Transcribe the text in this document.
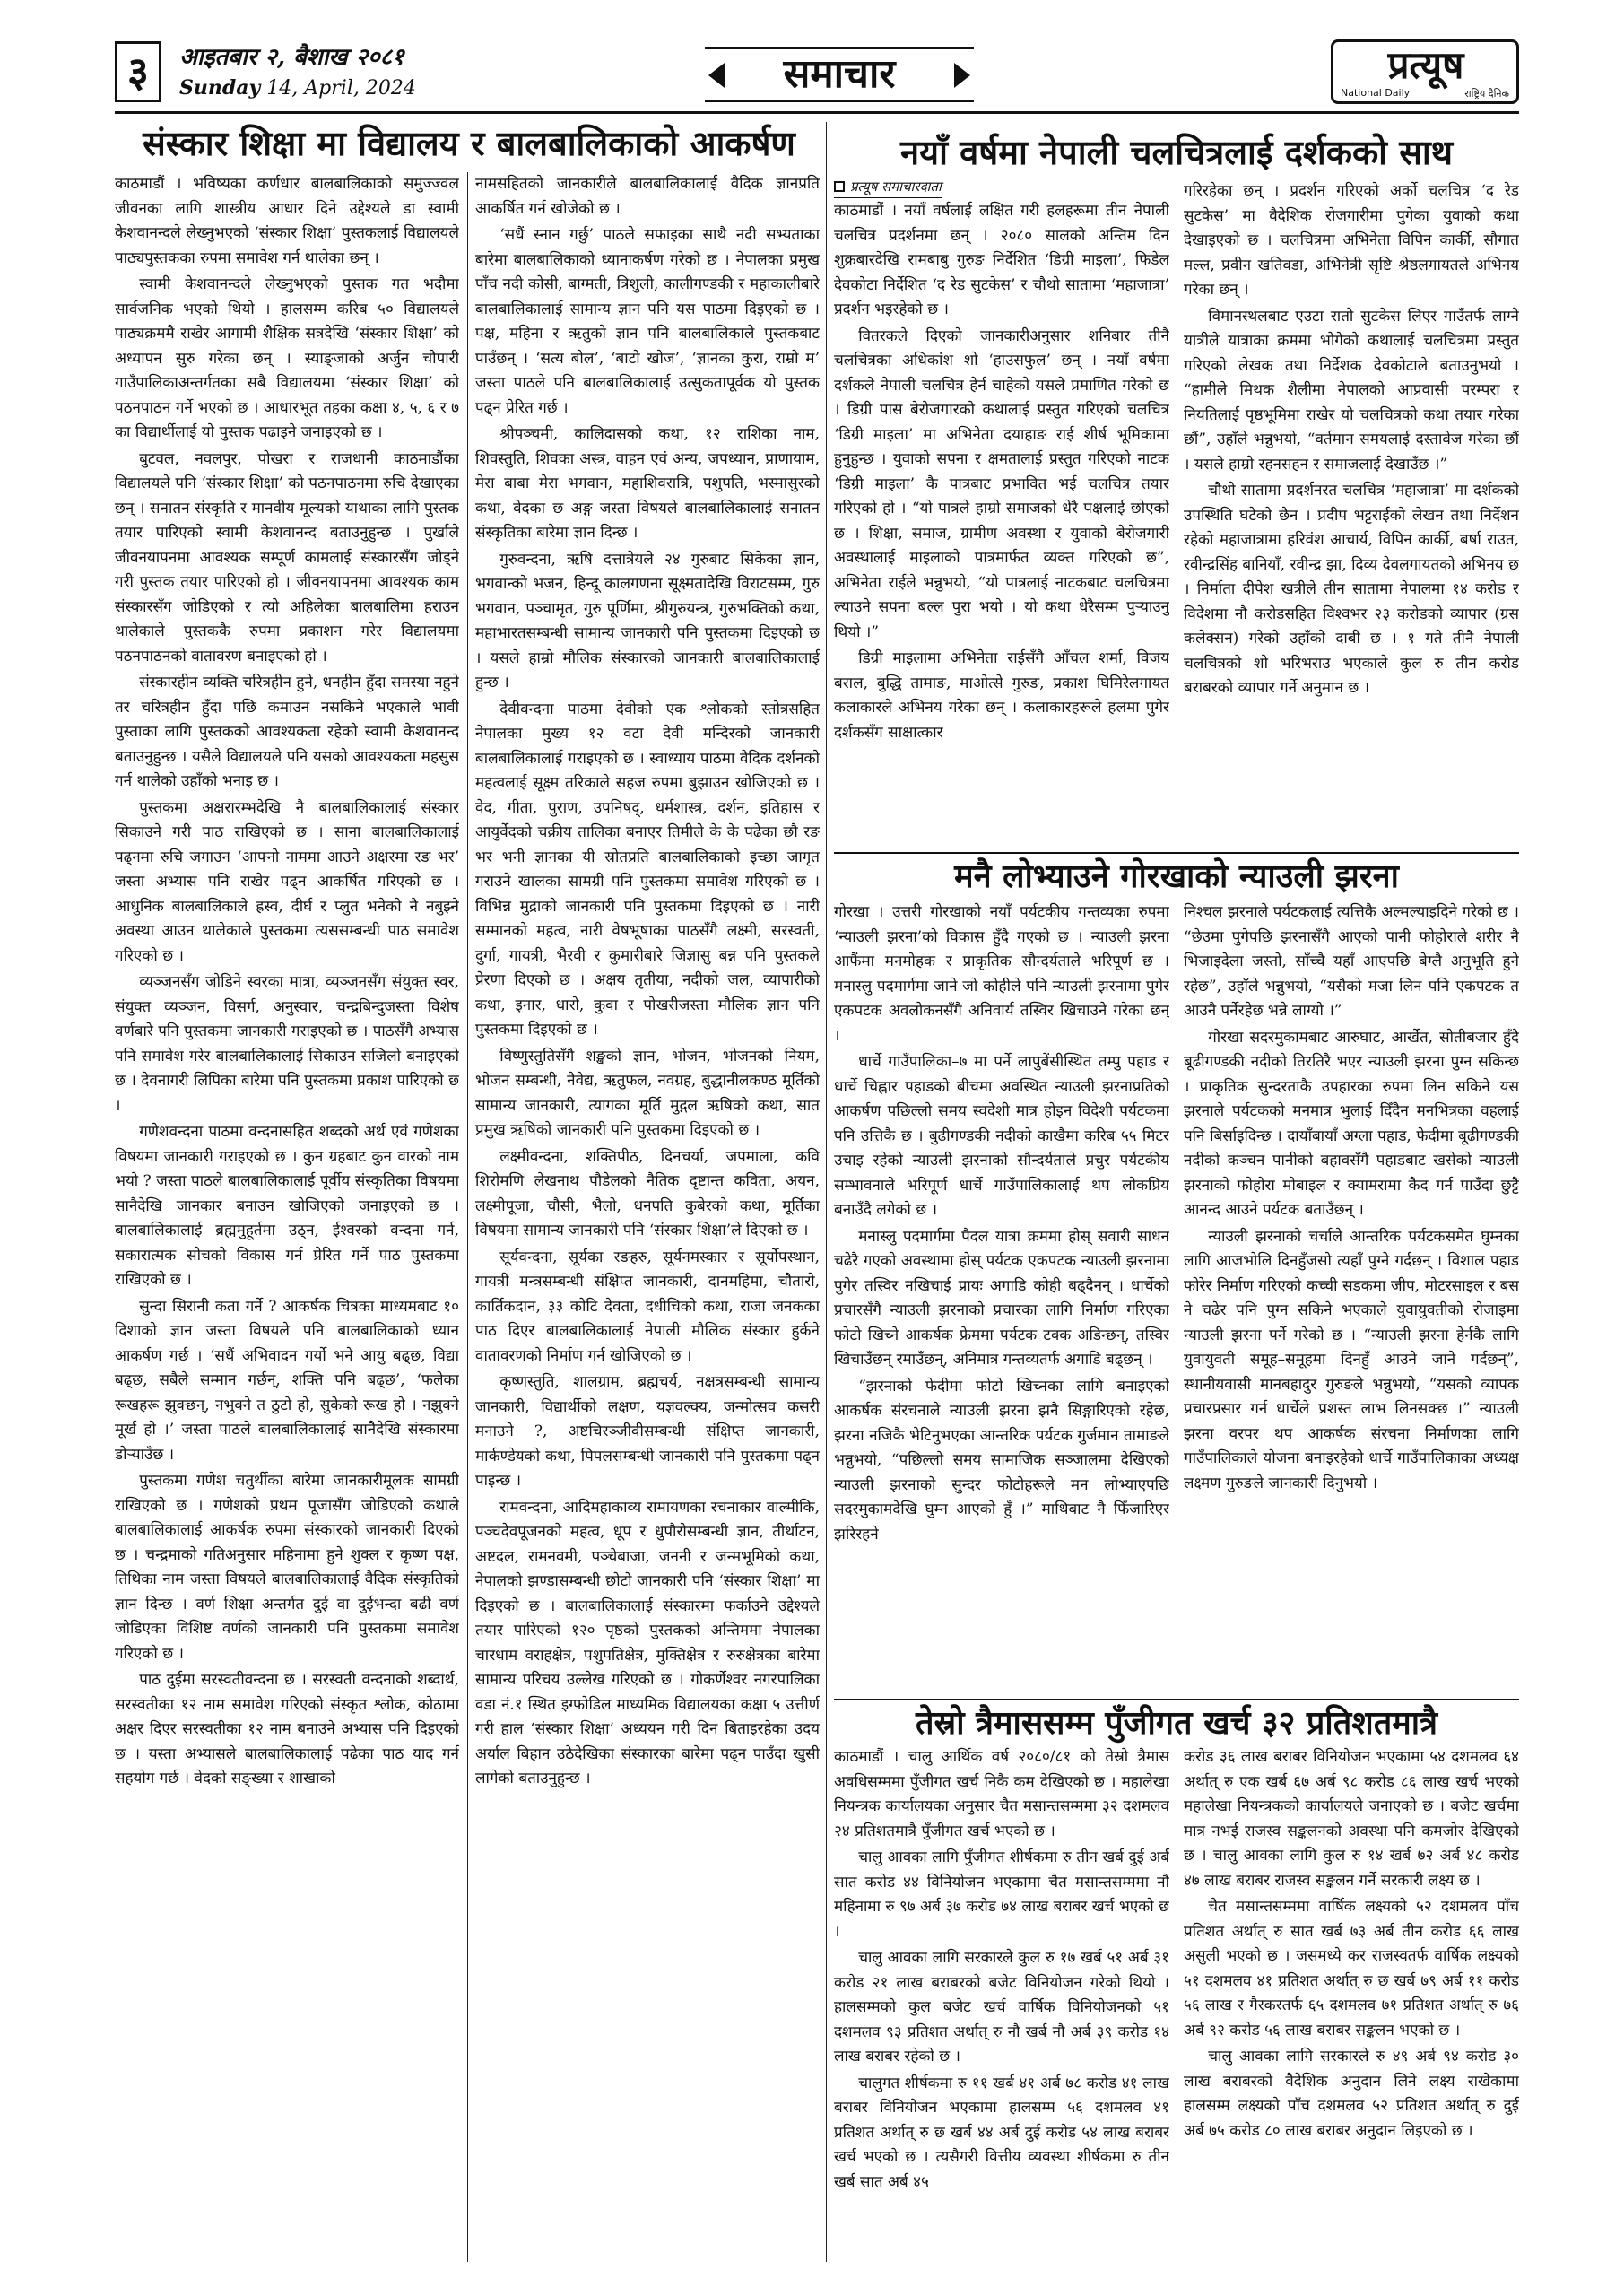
३	आइतबार २, बैशाख २०८१
Sunday 14, April, 2024	समाचार	प्रत्यूष
National Daily	राष्ट्रिय दैनिक
संस्कार शिक्षा मा विद्यालय र बालबालिकाको आकर्षण

काठमाडौं । भविष्यका कर्णधार बालबालिकाको समुज्ज्वल जीवनका लागि शास्त्रीय आधार दिने उद्देश्यले डा स्वामी केशवानन्दले लेख्नुभएको ‘संस्कार शिक्षा’ पुस्तकलाई विद्यालयले पाठ्यपुस्तकका रुपमा समावेश गर्न थालेका छन् ।

स्वामी केशवानन्दले लेख्नुभएको पुस्तक गत भदौमा सार्वजनिक भएको थियो । हालसम्म करिब ५० विद्यालयले पाठ्यक्रममै राखेर आगामी शैक्षिक सत्रदेखि ‘संस्कार शिक्षा’ को अध्यापन सुरु गरेका छन् । स्याङ्जाको अर्जुन चौपारी गाउँपालिकाअन्तर्गतका सबै विद्यालयमा ‘संस्कार शिक्षा’ को पठनपाठन गर्ने भएको छ । आधारभूत तहका कक्षा ४, ५, ६ र ७ का विद्यार्थीलाई यो पुस्तक पढाइने जनाइएको छ ।

बुटवल, नवलपुर, पोखरा र राजधानी काठमाडौंका विद्यालयले पनि ‘संस्कार शिक्षा’ को पठनपाठनमा रुचि देखाएका छन् । सनातन संस्कृति र मानवीय मूल्यको याथाका लागि पुस्तक तयार पारिएको स्वामी केशवानन्द बताउनुहुन्छ । पुर्खाले जीवनयापनमा आवश्यक सम्पूर्ण कामलाई संस्कारसँग जोड्ने गरी पुस्तक तयार पारिएको हो । जीवनयापनमा आवश्यक काम संस्कारसँग जोडिएको र त्यो अहिलेका बालबालिमा हराउन थालेकाले पुस्तककै रुपमा प्रकाशन गरेर विद्यालयमा पठनपाठनको वातावरण बनाइएको हो ।

संस्कारहीन व्यक्ति चरित्रहीन हुने, धनहीन हुँदा समस्या नहुने तर चरित्रहीन हुँदा पछि कमाउन नसकिने भएकाले भावी पुस्ताका लागि पुस्तकको आवश्यकता रहेको स्वामी केशवानन्द बताउनुहुन्छ । यसैले विद्यालयले पनि यसको आवश्यकता महसुस गर्न थालेको उहाँको भनाइ छ ।

पुस्तकमा अक्षरारम्भदेखि नै बालबालिकालाई संस्कार सिकाउने गरी पाठ राखिएको छ । साना बालबालिकालाई पढ्नमा रुचि जगाउन ‘आफ्नो नाममा आउने अक्षरमा रङ भर’ जस्ता अभ्यास पनि राखेर पढ्न आकर्षित गरिएको छ । आधुनिक बालबालिकाले ह्रस्व, दीर्घ र प्लुत भनेको नै नबुझ्ने अवस्था आउन थालेकाले पुस्तकमा त्यससम्बन्धी पाठ समावेश गरिएको छ ।

व्यञ्जनसँग जोडिने स्वरका मात्रा, व्यञ्जनसँग संयुक्त स्वर, संयुक्त व्यञ्जन, विसर्ग, अनुस्वार, चन्द्रबिन्दुजस्ता विशेष वर्णबारे पनि पुस्तकमा जानकारी गराइएको छ । पाठसँगै अभ्यास पनि समावेश गरेर बालबालिकालाई सिकाउन सजिलो बनाइएको छ । देवनागरी लिपिका बारेमा पनि पुस्तकमा प्रकाश पारिएको छ ।

गणेशवन्दना पाठमा वन्दनासहित शब्दको अर्थ एवं गणेशका विषयमा जानकारी गराइएको छ । कुन ग्रहबाट कुन वारको नाम भयो ? जस्ता पाठले बालबालिकालाई पूर्वीय संस्कृतिका विषयमा सानैदेखि जानकार बनाउन खोजिएको जनाइएको छ । बालबालिकालाई ब्रह्ममुहूर्तमा उठ्न, ईश्वरको वन्दना गर्न, सकारात्मक सोचको विकास गर्न प्रेरित गर्ने पाठ पुस्तकमा राखिएको छ ।

सुन्दा सिरानी कता गर्ने ? आकर्षक चित्रका माध्यमबाट १० दिशाको ज्ञान जस्ता विषयले पनि बालबालिकाको ध्यान आकर्षण गर्छ । ‘सधैं अभिवादन गर्यो भने आयु बढ्छ, विद्या बढ्छ, सबैले सम्मान गर्छन्, शक्ति पनि बढ्छ’, ‘फलेका रूखहरू झुक्छन्, नभुक्ने त ठुटो हो, सुकेको रूख हो । नझुक्ने मूर्ख हो ।’ जस्ता पाठले बालबालिकालाई सानैदेखि संस्कारमा डोऱ्याउँछ ।

पुस्तकमा गणेश चतुर्थीका बारेमा जानकारीमूलक सामग्री राखिएको छ । गणेशको प्रथम पूजासँग जोडिएको कथाले बालबालिकालाई आकर्षक रुपमा संस्कारको जानकारी दिएको छ । चन्द्रमाको गतिअनुसार महिनामा हुने शुक्ल र कृष्ण पक्ष, तिथिका नाम जस्ता विषयले बालबालिकालाई वैदिक संस्कृतिको ज्ञान दिन्छ । वर्ण शिक्षा अन्तर्गत दुई वा दुईभन्दा बढी वर्ण जोडिएका विशिष्ट वर्णको जानकारी पनि पुस्तकमा समावेश गरिएको छ ।

पाठ दुईमा सरस्वतीवन्दना छ । सरस्वती वन्दनाको शब्दार्थ, सरस्वतीका १२ नाम समावेश गरिएको संस्कृत श्लोक, कोठामा अक्षर दिएर सरस्वतीका १२ नाम बनाउने अभ्यास पनि दिइएको छ । यस्ता अभ्यासले बालबालिकालाई पढेका पाठ याद गर्न सहयोग गर्छ । वेदको सङ्ख्या र शाखाको

नामसहितको जानकारीले बालबालिकालाई वैदिक ज्ञानप्रति आकर्षित गर्न खोजेको छ ।

‘सधैं स्नान गर्छु’ पाठले सफाइका साथै नदी सभ्यताका बारेमा बालबालिकाको ध्यानाकर्षण गरेको छ । नेपालका प्रमुख पाँच नदी कोसी, बाग्मती, त्रिशुली, कालीगण्डकी र महाकालीबारे बालबालिकालाई सामान्य ज्ञान पनि यस पाठमा दिइएको छ । पक्ष, महिना र ऋतुको ज्ञान पनि बालबालिकाले पुस्तकबाट पाउँछन् । ‘सत्य बोल’, ‘बाटो खोज’, ‘ज्ञानका कुरा, राम्रो म’ जस्ता पाठले पनि बालबालिकालाई उत्सुकतापूर्वक यो पुस्तक पढ्न प्रेरित गर्छ ।

श्रीपञ्चमी, कालिदासको कथा, १२ राशिका नाम, शिवस्तुति, शिवका अस्त्र, वाहन एवं अन्य, जपध्यान, प्राणायाम, मेरा बाबा मेरा भगवान, महाशिवरात्रि, पशुपति, भस्मासुरको कथा, वेदका छ अङ्ग जस्ता विषयले बालबालिकालाई सनातन संस्कृतिका बारेमा ज्ञान दिन्छ ।

गुरुवन्दना, ऋषि दत्तात्रेयले २४ गुरुबाट सिकेका ज्ञान, भगवान्को भजन, हिन्दू कालगणना सूक्ष्मतादेखि विराटसम्म, गुरु भगवान, पञ्चामृत, गुरु पूर्णिमा, श्रीगुरुयन्त्र, गुरुभक्तिको कथा, महाभारतसम्बन्धी सामान्य जानकारी पनि पुस्तकमा दिइएको छ । यसले हाम्रो मौलिक संस्कारको जानकारी बालबालिकालाई हुन्छ ।

देवीवन्दना पाठमा देवीको एक श्लोकको स्तोत्रसहित नेपालका मुख्य १२ वटा देवी मन्दिरको जानकारी बालबालिकालाई गराइएको छ । स्वाध्याय पाठमा वैदिक दर्शनको महत्वलाई सूक्ष्म तरिकाले सहज रुपमा बुझाउन खोजिएको छ । वेद, गीता, पुराण, उपनिषद्, धर्मशास्त्र, दर्शन, इतिहास र आयुर्वेदको चक्रीय तालिका बनाएर तिमीले के के पढेका छौ रङ भर भनी ज्ञानका यी स्रोतप्रति बालबालिकाको इच्छा जागृत गराउने खालका सामग्री पनि पुस्तकमा समावेश गरिएको छ । विभिन्न मुद्राको जानकारी पनि पुस्तकमा दिइएको छ । नारी सम्मानको महत्व, नारी वेषभूषाका पाठसँगै लक्ष्मी, सरस्वती, दुर्गा, गायत्री, भैरवी र कुमारीबारे जिज्ञासु बन्न पनि पुस्तकले प्रेरणा दिएको छ । अक्षय तृतीया, नदीको जल, व्यापारीको कथा, इनार, धारो, कुवा र पोखरीजस्ता मौलिक ज्ञान पनि पुस्तकमा दिइएको छ ।

विष्णुस्तुतिसँगै शङ्खको ज्ञान, भोजन, भोजनको नियम, भोजन सम्बन्धी, नैवेद्य, ऋतुफल, नवग्रह, बुद्धानीलकण्ठ मूर्तिको सामान्य जानकारी, त्यागका मूर्ति मुद्गल ऋषिको कथा, सात प्रमुख ऋषिको जानकारी पनि पुस्तकमा दिइएको छ ।

लक्ष्मीवन्दना, शक्तिपीठ, दिनचर्या, जपमाला, कवि शिरोमणि लेखनाथ पौडेलको नैतिक दृष्टान्त कविता, अयन, लक्ष्मीपूजा, चौसी, भैलो, धनपति कुबेरको कथा, मूर्तिका विषयमा सामान्य जानकारी पनि ‘संस्कार शिक्षा’ले दिएको छ ।

सूर्यवन्दना, सूर्यका रङहरु, सूर्यनमस्कार र सूर्योपस्थान, गायत्री मन्त्रसम्बन्धी संक्षिप्त जानकारी, दानमहिमा, चौतारो, कार्तिकदान, ३३ कोटि देवता, दधीचिको कथा, राजा जनकका पाठ दिएर बालबालिकालाई नेपाली मौलिक संस्कार हुर्कने वातावरणको निर्माण गर्न खोजिएको छ ।

कृष्णस्तुति, शालग्राम, ब्रह्मचर्य, नक्षत्रसम्बन्धी सामान्य जानकारी, विद्यार्थीको लक्षण, यज्ञवल्क्य, जन्मोत्सव कसरी मनाउने ?, अष्टचिरञ्जीवीसम्बन्धी संक्षिप्त जानकारी, मार्कण्डेयको कथा, पिपलसम्बन्धी जानकारी पनि पुस्तकमा पढ्न पाइन्छ ।

रामवन्दना, आदिमहाकाव्य रामायणका रचनाकार वाल्मीकि, पञ्चदेवपूजनको महत्व, धूप र धुपौरोसम्बन्धी ज्ञान, तीर्थाटन, अष्टदल, रामनवमी, पञ्चेबाजा, जननी र जन्मभूमिको कथा, नेपालको झण्डासम्बन्धी छोटो जानकारी पनि ‘संस्कार शिक्षा’ मा दिइएको छ । बालबालिकालाई संस्कारमा फर्काउने उद्देश्यले तयार पारिएको १२० पृष्ठको पुस्तकको अन्तिममा नेपालका चारधाम वराहक्षेत्र, पशुपतिक्षेत्र, मुक्तिक्षेत्र र रुरुक्षेत्रका बारेमा सामान्य परिचय उल्लेख गरिएको छ । गोकर्णेश्वर नगरपालिका वडा नं.१ स्थित इग्फोडिल माध्यमिक विद्यालयका कक्षा ५ उत्तीर्ण गरी हाल ‘संस्कार शिक्षा’ अध्ययन गरी दिन बिताइरहेका उदय अर्याल बिहान उठेदेखिका संस्कारका बारेमा पढ्न पाउँदा खुसी लागेको बताउनुहुन्छ ।

नयाँ वर्षमा नेपाली चलचित्रलाई दर्शकको साथ
प्रत्यूष समाचारदाता

काठमाडौं । नयाँ वर्षलाई लक्षित गरी हलहरूमा तीन नेपाली चलचित्र प्रदर्शनमा छन् । २०८० सालको अन्तिम दिन शुक्रबारदेखि रामबाबु गुरुङ निर्देशित ‘डिग्री माइला’, फिडेल देवकोटा निर्देशित ‘द रेड सुटकेस’ र चौथो सातामा ‘महाजात्रा’ प्रदर्शन भइरहेको छ ।

वितरकले दिएको जानकारीअनुसार शनिबार तीनै चलचित्रका अधिकांश शो ‘हाउसफुल’ छन् । नयाँ वर्षमा दर्शकले नेपाली चलचित्र हेर्न चाहेको यसले प्रमाणित गरेको छ । डिग्री पास बेरोजगारको कथालाई प्रस्तुत गरिएको चलचित्र ‘डिग्री माइला’ मा अभिनेता दयाहाङ राई शीर्ष भूमिकामा हुनुहुन्छ । युवाको सपना र क्षमतालाई प्रस्तुत गरिएको नाटक ‘डिग्री माइला’ कै पात्रबाट प्रभावित भई चलचित्र तयार गरिएको हो । “यो पात्रले हाम्रो समाजको धेरै पक्षलाई छोएको छ । शिक्षा, समाज, ग्रामीण अवस्था र युवाको बेरोजगारी अवस्थालाई माइलाको पात्रमार्फत व्यक्त गरिएको छ”, अभिनेता राईले भन्नुभयो, “यो पात्रलाई नाटकबाट चलचित्रमा ल्याउने सपना बल्ल पुरा भयो । यो कथा धेरैसम्म पुऱ्याउनु थियो ।”

डिग्री माइलामा अभिनेता राईसँगै आँचल शर्मा, विजय बराल, बुद्धि तामाङ, माओत्से गुरुङ, प्रकाश घिमिरेलगायत कलाकारले अभिनय गरेका छन् । कलाकारहरूले हलमा पुगेर दर्शकसँग साक्षात्कार

गरिरहेका छन् । प्रदर्शन गरिएको अर्को चलचित्र ‘द रेड सुटकेस’ मा वैदेशिक रोजगारीमा पुगेका युवाको कथा देखाइएको छ । चलचित्रमा अभिनेता विपिन कार्की, सौगात मल्ल, प्रवीन खतिवडा, अभिनेत्री सृष्टि श्रेष्ठलगायतले अभिनय गरेका छन् ।

विमानस्थलबाट एउटा रातो सुटकेस लिएर गाउँतर्फ लाग्ने यात्रीले यात्राका क्रममा भोगेको कथालाई चलचित्रमा प्रस्तुत गरिएको लेखक तथा निर्देशक देवकोटाले बताउनुभयो । “हामीले मिथक शैलीमा नेपालको आप्रवासी परम्परा र नियतिलाई पृष्ठभूमिमा राखेर यो चलचित्रको कथा तयार गरेका छौं”, उहाँले भन्नुभयो, “वर्तमान समयलाई दस्तावेज गरेका छौं । यसले हाम्रो रहनसहन र समाजलाई देखाउँछ ।”

चौथो सातामा प्रदर्शनरत चलचित्र ‘महाजात्रा’ मा दर्शकको उपस्थिति घटेको छैन । प्रदीप भट्टराईको लेखन तथा निर्देशन रहेको महाजात्रामा हरिवंश आचार्य, विपिन कार्की, बर्षा राउत, रवीन्द्रसिंह बानियाँ, रवीन्द्र झा, दिव्य देवलगायतको अभिनय छ । निर्माता दीपेश खत्रीले तीन सातामा नेपालमा १४ करोड र विदेशमा नौ करोडसहित विश्वभर २३ करोडको व्यापार (ग्रस कलेक्सन) गरेको उहाँको दाबी छ । १ गते तीनै नेपाली चलचित्रको शो भरिभराउ भएकाले कुल रु तीन करोड बराबरको व्यापार गर्ने अनुमान छ ।

मनै लोभ्याउने गोरखाको न्याउली झरना

गोरखा । उत्तरी गोरखाको नयाँ पर्यटकीय गन्तव्यका रुपमा ‘न्याउली झरना’को विकास हुँदै गएको छ । न्याउली झरना आफैंमा मनमोहक र प्राकृतिक सौन्दर्यताले भरिपूर्ण छ । मनास्लु पदमार्गमा जाने जो कोहीले पनि न्याउली झरनामा पुगेर एकपटक अवलोकनसँगै अनिवार्य तस्विर खिचाउने गरेका छन् ।

धार्चे गाउँपालिका–७ मा पर्ने लापुबेंसीस्थित तम्पु पहाड र धार्चे चिह्नार पहाडको बीचमा अवस्थित न्याउली झरनाप्रतिको आकर्षण पछिल्लो समय स्वदेशी मात्र होइन विदेशी पर्यटकमा पनि उत्तिकै छ । बुढीगण्डकी नदीको काखैमा करिब ५५ मिटर उचाइ रहेको न्याउली झरनाको सौन्दर्यताले प्रचुर पर्यटकीय सम्भावनाले भरिपूर्ण धार्चे गाउँपालिकालाई थप लोकप्रिय बनाउँदै लगेको छ ।

मनास्लु पदमार्गमा पैदल यात्रा क्रममा होस् सवारी साधन चढेरै गएको अवस्थामा होस् पर्यटक एकपटक न्याउली झरनामा पुगेर तस्विर नखिचाई प्रायः अगाडि कोही बढ्दैनन् । धार्चेको प्रचारसँगै न्याउली झरनाको प्रचारका लागि निर्माण गरिएका फोटो खिच्ने आकर्षक फ्रेममा पर्यटक टक्क अडिन्छन्, तस्विर खिचाउँछन् रमाउँछन्, अनिमात्र गन्तव्यतर्फ अगाडि बढ्छन् ।

“झरनाको फेदीमा फोटो खिच्नका लागि बनाइएको आकर्षक संरचनाले न्याउली झरना झनै सिङ्गारिएको रहेछ, झरना नजिकै भेटिनुभएका आन्तरिक पर्यटक गुर्जमान तामाङले भन्नुभयो, “पछिल्लो समय सामाजिक सञ्जालमा देखिएको न्याउली झरनाको सुन्दर फोटोहरूले मन लोभ्याएपछि सदरमुकामदेखि घुम्न आएको हुँ ।” माथिबाट नै फिँजारिएर झरिरहने

निश्चल झरनाले पर्यटकलाई त्यत्तिकै अल्मल्याइदिने गरेको छ । “छेउमा पुगेपछि झरनासँगै आएको पानी फोहोराले शरीर नै भिजाइदेला जस्तो, साँच्चै यहाँ आएपछि बेग्लै अनुभूति हुने रहेछ”, उहाँले भन्नुभयो, “यसैको मजा लिन पनि एकपटक त आउनै पर्नेरहेछ भन्ने लाग्यो ।”

गोरखा सदरमुकामबाट आरुघाट, आर्खेत, सोतीबजार हुँदै बूढीगण्डकी नदीको तिरतिरै भएर न्याउली झरना पुग्न सकिन्छ । प्राकृतिक सुन्दरताकै उपहारका रुपमा लिन सकिने यस झरनाले पर्यटकको मनमात्र भुलाई दिँदैन मनभित्रका वहलाई पनि बिर्साइदिन्छ । दायाँबायाँ अग्ला पहाड, फेदीमा बूढीगण्डकी नदीको कञ्चन पानीको बहावसँगै पहाडबाट खसेको न्याउली झरनाको फोहोरा मोबाइल र क्यामरामा कैद गर्न पाउँदा छुट्टै आनन्द आउने पर्यटक बताउँछन् ।

न्याउली झरनाको चर्चाले आन्तरिक पर्यटकसमेत घुम्नका लागि आजभोलि दिनहुँजसो त्यहाँ पुग्ने गर्दछन् । विशाल पहाड फोरेर निर्माण गरिएको कच्ची सडकमा जीप, मोटरसाइल र बस ने चढेर पनि पुग्न सकिने भएकाले युवायुवतीको रोजाइमा न्याउली झरना पर्ने गरेको छ । “न्याउली झरना हेर्नकै लागि युवायुवती समूह–समूहमा दिनहुँ आउने जाने गर्दछन्”, स्थानीयवासी मानबहादुर गुरुङले भन्नुभयो, “यसको व्यापक प्रचारप्रसार गर्न धार्चेले प्रशस्त लाभ लिनसक्छ ।” न्याउली झरना वरपर थप आकर्षक संरचना निर्माणका लागि गाउँपालिकाले योजना बनाइरहेको धार्चे गाउँपालिकाका अध्यक्ष लक्ष्मण गुरुङले जानकारी दिनुभयो ।

तेस्रो त्रैमाससम्म पुँजीगत खर्च ३२ प्रतिशतमात्रै

काठमाडौं । चालु आर्थिक वर्ष २०८०/८१ को तेस्रो त्रैमास अवधिसम्ममा पुँजीगत खर्च निकै कम देखिएको छ । महालेखा नियन्त्रक कार्यालयका अनुसार चैत मसान्तसम्ममा ३२ दशमलव २४ प्रतिशतमात्रै पुँजीगत खर्च भएको छ ।

चालु आवका लागि पुँजीगत शीर्षकमा रु तीन खर्ब दुई अर्ब सात करोड ४४ विनियोजन भएकामा चैत मसान्तसम्ममा नौ महिनामा रु ९७ अर्ब ३७ करोड ७४ लाख बराबर खर्च भएको छ ।

चालु आवका लागि सरकारले कुल रु १७ खर्ब ५१ अर्ब ३१ करोड २१ लाख बराबरको बजेट विनियोजन गरेको थियो । हालसम्मको कुल बजेट खर्च वार्षिक विनियोजनको ५१ दशमलव ९३ प्रतिशत अर्थात् रु नौ खर्ब नौ अर्ब ३९ करोड १४ लाख बराबर रहेको छ ।

चालुगत शीर्षकमा रु ११ खर्ब ४१ अर्ब ७८ करोड ४१ लाख बराबर विनियोजन भएकामा हालसम्म ५६ दशमलव ४१ प्रतिशत अर्थात् रु छ खर्ब ४४ अर्ब दुई करोड ५४ लाख बराबर खर्च भएको छ । त्यसैगरी वित्तीय व्यवस्था शीर्षकमा रु तीन खर्ब सात अर्ब ४५

करोड ३६ लाख बराबर विनियोजन भएकामा ५४ दशमलव ६४ अर्थात् रु एक खर्ब ६७ अर्ब ९८ करोड ८६ लाख खर्च भएको महालेखा नियन्त्रकको कार्यालयले जनाएको छ । बजेट खर्चमा मात्र नभई राजस्व सङ्कलनको अवस्था पनि कमजोर देखिएको छ । चालु आवका लागि कुल रु १४ खर्ब ७२ अर्ब ४८ करोड ४७ लाख बराबर राजस्व सङ्कलन गर्ने सरकारी लक्ष्य छ ।

चैत मसान्तसम्ममा वार्षिक लक्ष्यको ५२ दशमलव पाँच प्रतिशत अर्थात् रु सात खर्ब ७३ अर्ब तीन करोड ६६ लाख असुली भएको छ । जसमध्ये कर राजस्वतर्फ वार्षिक लक्ष्यको ५१ दशमलव ४१ प्रतिशत अर्थात् रु छ खर्ब ७९ अर्ब ११ करोड ५६ लाख र गैरकरतर्फ ६५ दशमलव ७१ प्रतिशत अर्थात् रु ७६ अर्ब ९२ करोड ५६ लाख बराबर सङ्कलन भएको छ ।

चालु आवका लागि सरकारले रु ४९ अर्ब ९४ करोड ३० लाख बराबरको वैदेशिक अनुदान लिने लक्ष्य राखेकामा हालसम्म लक्ष्यको पाँच दशमलव ५२ प्रतिशत अर्थात् रु दुई अर्ब ७५ करोड ८० लाख बराबर अनुदान लिइएको छ ।
